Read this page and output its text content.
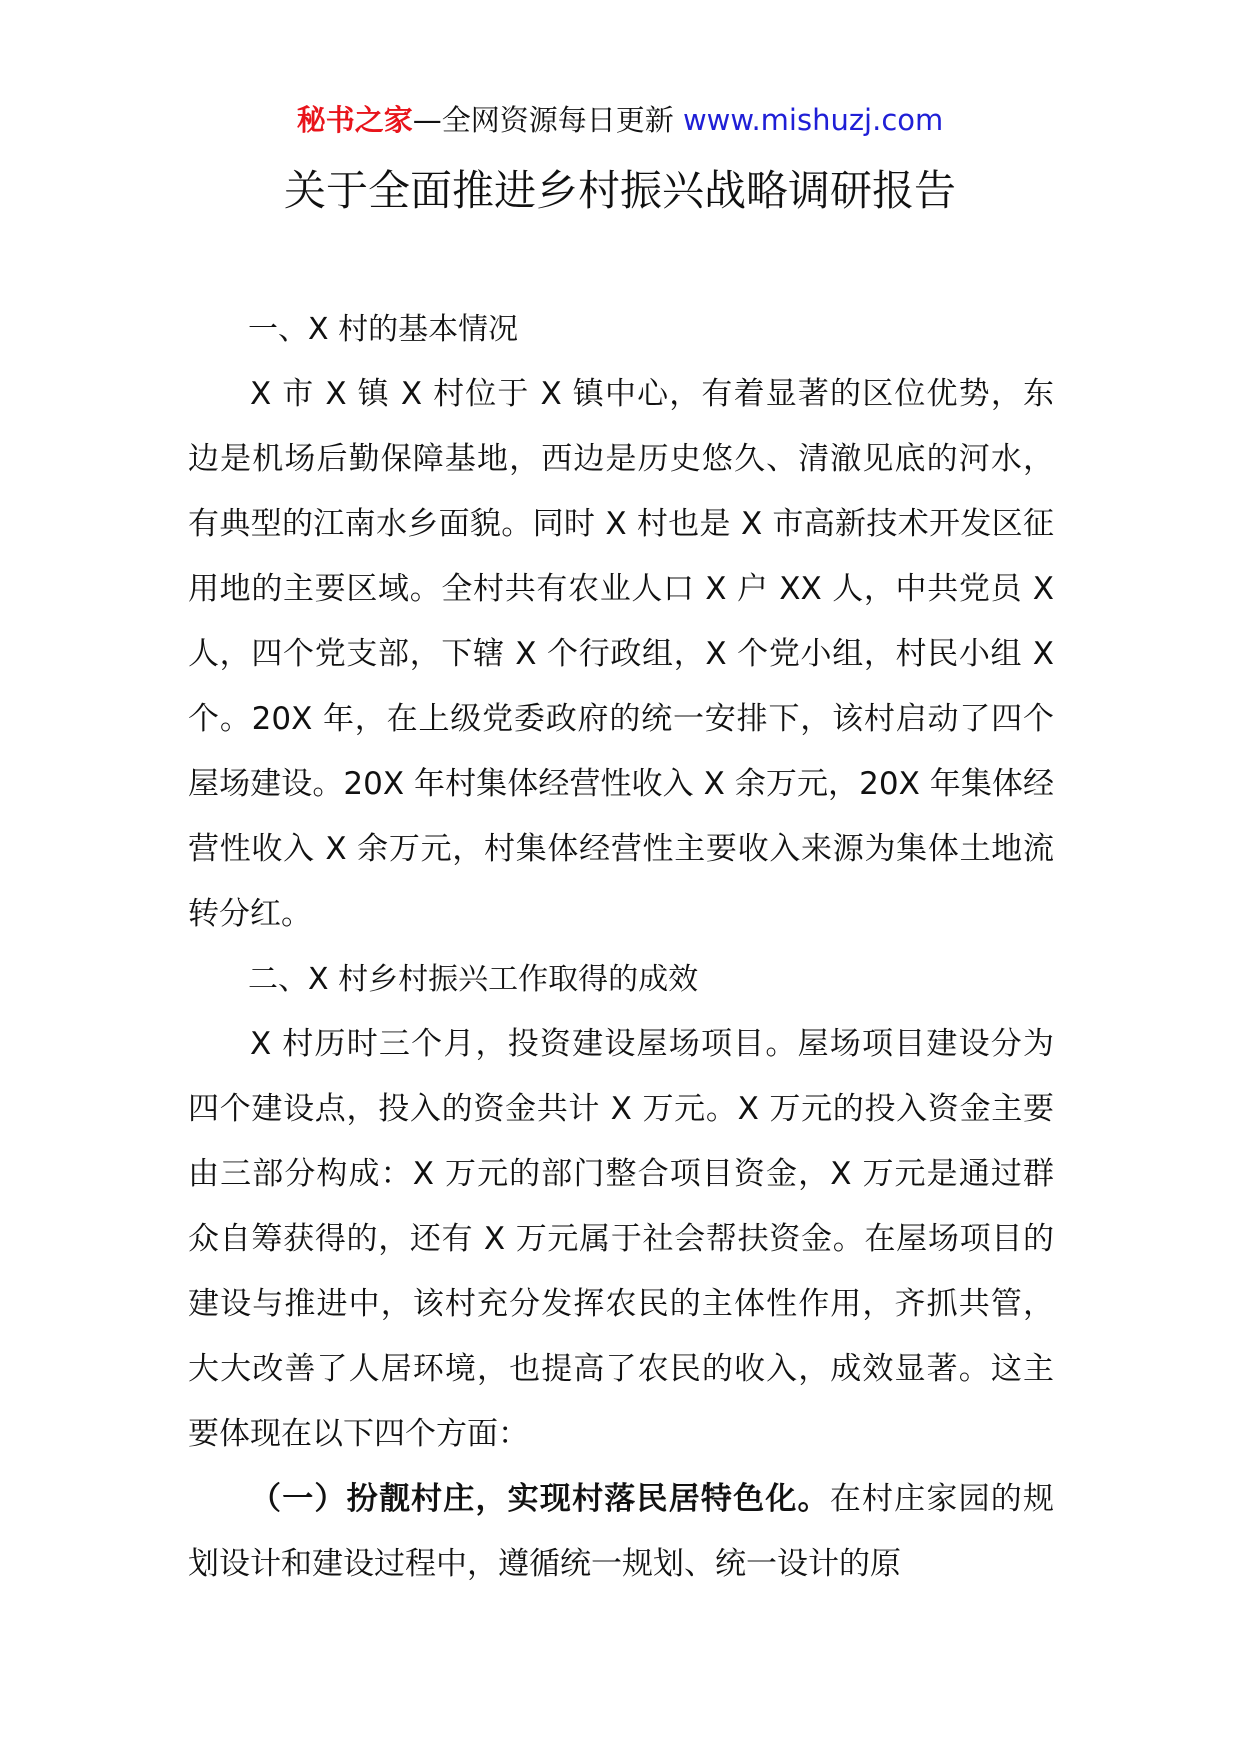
秘书之家—全网资源每日更新 www.mishuzj.com
关于全面推进乡村振兴战略调研报告

一、X 村的基本情况

X 市 X 镇 X 村位于 X 镇中心，有着显著的区位优势，东边是机场后勤保障基地，西边是历史悠久、清澈见底的河水，有典型的江南水乡面貌。同时 X 村也是 X 市高新技术开发区征用地的主要区域。全村共有农业人口 X 户 XX 人，中共党员 X 人，四个党支部，下辖 X 个行政组，X 个党小组，村民小组 X 个。20X 年，在上级党委政府的统一安排下，该村启动了四个屋场建设。20X 年村集体经营性收入 X 余万元，20X 年集体经营性收入 X 余万元，村集体经营性主要收入来源为集体土地流转分红。

二、X 村乡村振兴工作取得的成效

X 村历时三个月，投资建设屋场项目。屋场项目建设分为四个建设点，投入的资金共计 X 万元。X 万元的投入资金主要由三部分构成：X 万元的部门整合项目资金，X 万元是通过群众自筹获得的，还有 X 万元属于社会帮扶资金。在屋场项目的建设与推进中，该村充分发挥农民的主体性作用，齐抓共管，大大改善了人居环境，也提高了农民的收入，成效显著。这主要体现在以下四个方面：

（一）扮靓村庄，实现村落民居特色化。在村庄家园的规划设计和建设过程中，遵循统一规划、统一设计的原
